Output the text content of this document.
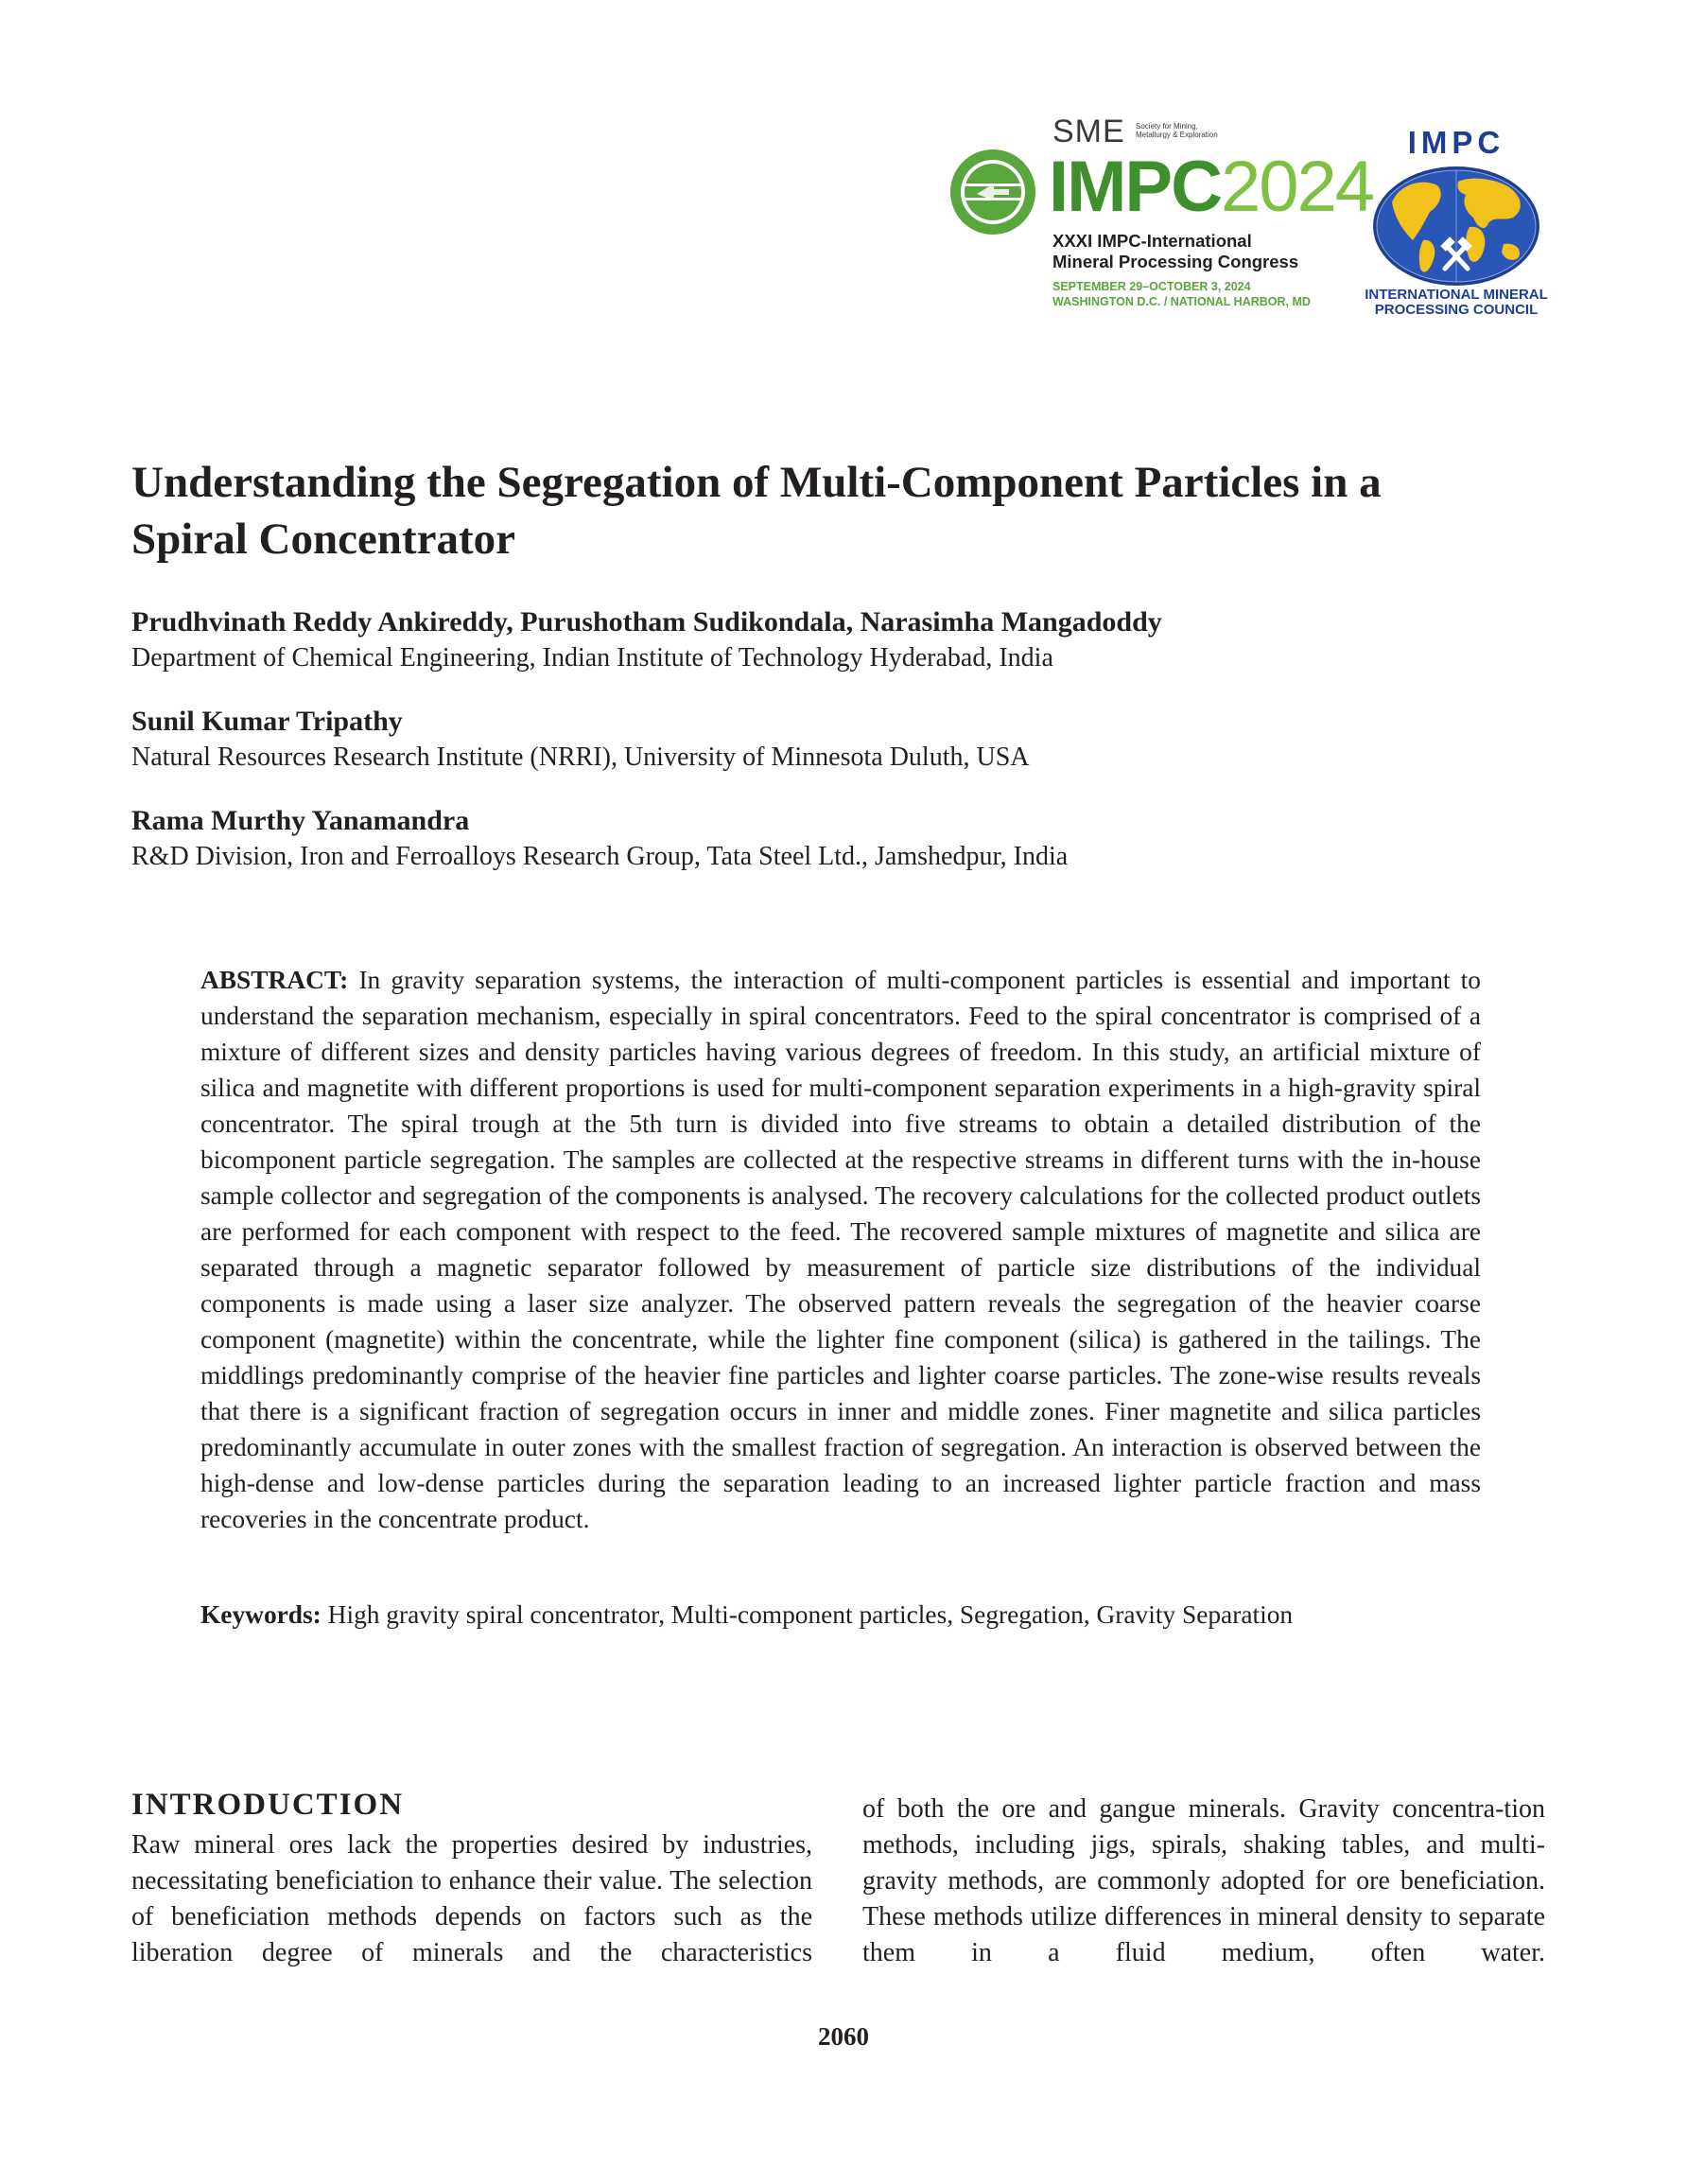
SME Society for Mining, Metallurgy & Exploration
IMPC2024
XXXI IMPC-International
Mineral Processing Congress
SEPTEMBER 29–OCTOBER 3, 2024
WASHINGTON D.C. / NATIONAL HARBOR, MD
IMPC
INTERNATIONAL MINERAL
PROCESSING COUNCIL
Understanding the Segregation of Multi-Component Particles in a Spiral Concentrator

Prudhvinath Reddy Ankireddy, Purushotham Sudikondala, Narasimha Mangadoddy

Department of Chemical Engineering, Indian Institute of Technology Hyderabad, India

Sunil Kumar Tripathy

Natural Resources Research Institute (NRRI), University of Minnesota Duluth, USA

Rama Murthy Yanamandra

R&D Division, Iron and Ferroalloys Research Group, Tata Steel Ltd., Jamshedpur, India

ABSTRACT: In gravity separation systems, the interaction of multi-component particles is essential and important to understand the separation mechanism, especially in spiral concentrators. Feed to the spiral concentrator is comprised of a mixture of different sizes and density particles having various degrees of freedom. In this study, an artificial mixture of silica and magnetite with different proportions is used for multi-component separation experiments in a high-gravity spiral concentrator. The spiral trough at the 5th turn is divided into five streams to obtain a detailed distribution of the bicomponent particle segregation. The samples are collected at the respective streams in different turns with the in-house sample collector and segregation of the components is analysed. The recovery calculations for the collected product outlets are performed for each component with respect to the feed. The recovered sample mixtures of magnetite and silica are separated through a magnetic separator followed by measurement of particle size distributions of the individual components is made using a laser size analyzer. The observed pattern reveals the segregation of the heavier coarse component (magnetite) within the concentrate, while the lighter fine component (silica) is gathered in the tailings. The middlings predominantly comprise of the heavier fine particles and lighter coarse particles. The zone-wise results reveals that there is a significant fraction of segregation occurs in inner and middle zones. Finer magnetite and silica particles predominantly accumulate in outer zones with the smallest fraction of segregation. An interaction is observed between the high-dense and low-dense particles during the separation leading to an increased lighter particle fraction and mass recoveries in the concentrate product.

Keywords: High gravity spiral concentrator, Multi-component particles, Segregation, Gravity Separation

INTRODUCTION

Raw mineral ores lack the properties desired by industries, necessitating beneficiation to enhance their value. The selection of beneficiation methods depends on factors such as the liberation degree of minerals and the characteristics

of both the ore and gangue minerals. Gravity concentra-tion methods, including jigs, spirals, shaking tables, and multi-gravity methods, are commonly adopted for ore beneficiation. These methods utilize differences in mineral density to separate them in a fluid medium, often water.

2060
